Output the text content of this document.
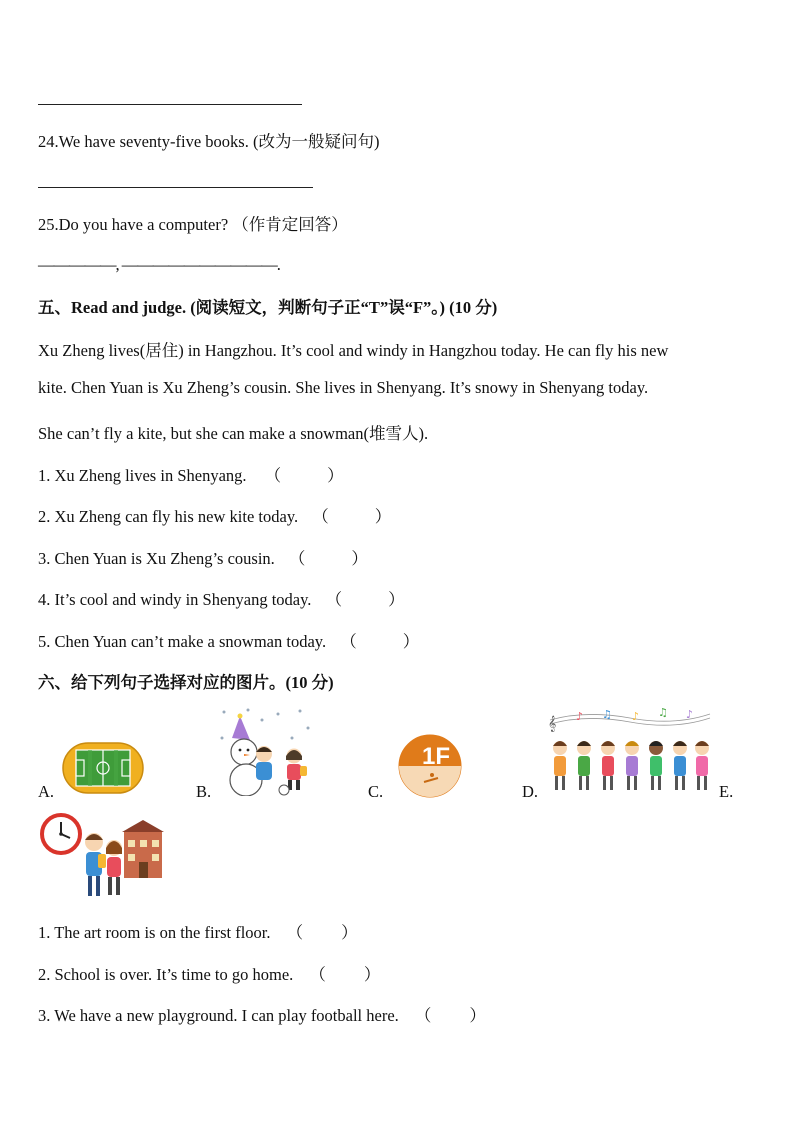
24.We have seventy-five books. (改为一般疑问句)
25.Do you have a computer? （作肯定回答）
—————, ——————————.
五、Read and judge. (阅读短文，判断句子正“T”误“F”。) (10 分)
Xu Zheng lives(居住) in Hangzhou. It’s cool and windy in Hangzhou today. He can fly his new
kite. Chen Yuan is Xu Zheng’s cousin. She lives in Shenyang. It’s snowy in Shenyang today.
She can’t fly a kite, but she can make a snowman(堆雪人).
1. Xu Zheng lives in Shenyang. （	）
2. Xu Zheng can fly his new kite today. （	）
3. Chen Yuan is Xu Zheng’s cousin. （	）
4. It’s cool and windy in Shenyang today. （	）
5. Chen Yuan can’t make a snowman today. （	）
六、给下列句子选择对应的图片。(10 分)
A.	B.	C.
1F
D.
𝄞 ♪ ♫ ♪ ♫ ♪
E.
1. The art room is on the first floor. （ ）
2. School is over. It’s time to go home. （ ）
3. We have a new playground. I can play football here. （ ）
